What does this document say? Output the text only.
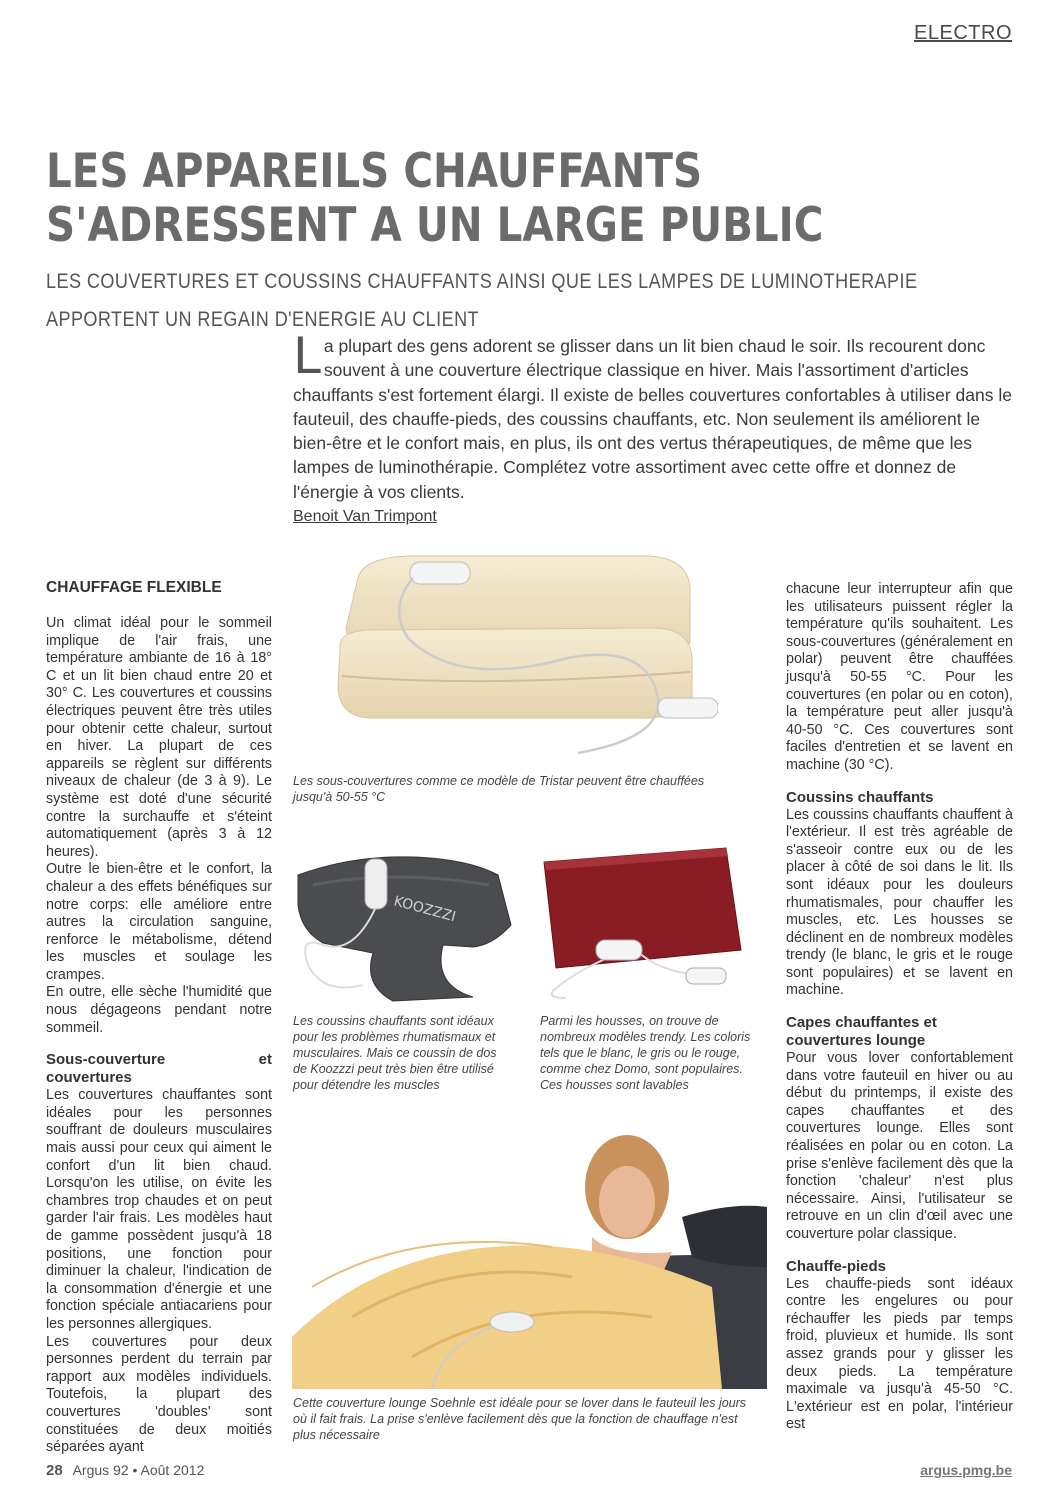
ELECTRO
LES APPAREILS CHAUFFANTS
S'ADRESSENT A UN LARGE PUBLIC
LES COUVERTURES ET COUSSINS CHAUFFANTS AINSI QUE LES LAMPES DE LUMINOTHERAPIE
APPORTENT UN REGAIN D'ENERGIE AU CLIENT
L a plupart des gens adorent se glisser dans un lit bien chaud le soir. Ils recourent donc souvent à une couverture électrique classique en hiver. Mais l'assortiment d'articles chauffants s'est fortement élargi. Il existe de belles couvertures confortables à utiliser dans le fauteuil, des chauffe-pieds, des coussins chauffants, etc. Non seulement ils améliorent le bien-être et le confort mais, en plus, ils ont des vertus thérapeutiques, de même que les lampes de luminothérapie. Complétez votre assortiment avec cette offre et donnez de l'énergie à vos clients.
Benoit Van Trimpont
CHAUFFAGE FLEXIBLE

Un climat idéal pour le sommeil implique de l'air frais, une température ambiante de 16 à 18° C et un lit bien chaud entre 20 et 30° C. Les couvertures et coussins électriques peuvent être très utiles pour obtenir cette chaleur, surtout en hiver. La plupart de ces appareils se règlent sur différents niveaux de chaleur (de 3 à 9). Le système est doté d'une sécurité contre la surchauffe et s'éteint automatiquement (après 3 à 12 heures).

Outre le bien-être et le confort, la chaleur a des effets bénéfiques sur notre corps: elle améliore entre autres la circulation sanguine, renforce le métabolisme, détend les muscles et soulage les crampes.

En outre, elle sèche l'humidité que nous dégageons pendant notre sommeil.

Sous-couverture et couvertures

Les couvertures chauffantes sont idéales pour les personnes souffrant de douleurs musculaires mais aussi pour ceux qui aiment le confort d'un lit bien chaud. Lorsqu'on les utilise, on évite les chambres trop chaudes et on peut garder l'air frais. Les modèles haut de gamme possèdent jusqu'à 18 positions, une fonction pour diminuer la chaleur, l'indication de la consommation d'énergie et une fonction spéciale antiacariens pour les personnes allergiques.

Les couvertures pour deux personnes perdent du terrain par rapport aux modèles individuels. Toutefois, la plupart des couvertures 'doubles' sont constituées de deux moitiés séparées ayant

chacune leur interrupteur afin que les utilisateurs puissent régler la température qu'ils souhaitent. Les sous-couvertures (généralement en polar) peuvent être chauffées jusqu'à 50-55 °C. Pour les couvertures (en polar ou en coton), la température peut aller jusqu'à 40-50 °C. Ces couvertures sont faciles d'entretien et se lavent en machine (30 °C).

Coussins chauffants

Les coussins chauffants chauffent à l'extérieur. Il est très agréable de s'asseoir contre eux ou de les placer à côté de soi dans le lit. Ils sont idéaux pour les douleurs rhumatismales, pour chauffer les muscles, etc. Les housses se déclinent en de nombreux modèles trendy (le blanc, le gris et le rouge sont populaires) et se lavent en machine.

Capes chauffantes et
couvertures lounge

Pour vous lover confortablement dans votre fauteuil en hiver ou au début du printemps, il existe des capes chauffantes et des couvertures lounge. Elles sont réalisées en polar ou en coton. La prise s'enlève facilement dès que la fonction 'chaleur' n'est plus nécessaire. Ainsi, l'utilisateur se retrouve en un clin d'œil avec une couverture polar classique.

Chauffe-pieds

Les chauffe-pieds sont idéaux contre les engelures ou pour réchauffer les pieds par temps froid, pluvieux et humide. Ils sont assez grands pour y glisser les deux pieds. La température maximale va jusqu'à 45-50 °C. L'extérieur est en polar, l'intérieur est

Les sous-couvertures comme ce modèle de Tristar peuvent être chauffées jusqu'à 50-55 °C
KOOZZZI
Les coussins chauffants sont idéaux pour les problèmes rhumatismaux et musculaires. Mais ce coussin de dos de Koozzzi peut très bien être utilisé pour détendre les muscles
Parmi les housses, on trouve de nombreux modèles trendy. Les coloris tels que le blanc, le gris ou le rouge, comme chez Domo, sont populaires. Ces housses sont lavables
Cette couverture lounge Soehnle est idéale pour se lover dans le fauteuil les jours où il fait frais. La prise s'enlève facilement dès que la fonction de chauffage n'est plus nécessaire
28 Argus 92 • Août 2012	argus.pmg.be
